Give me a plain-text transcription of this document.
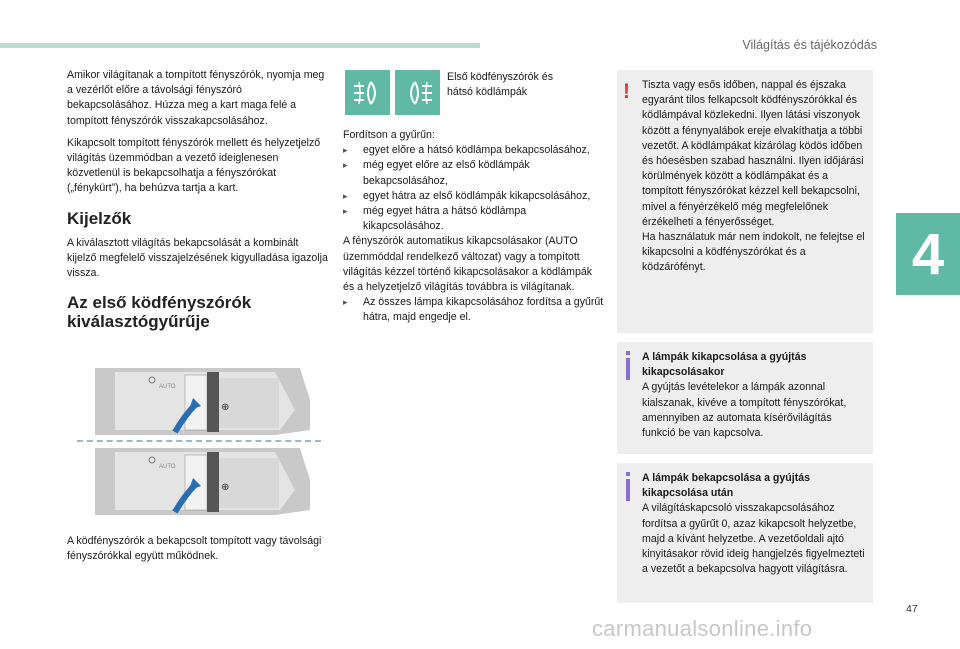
Világítás és tájékozódás
4

Amikor világítanak a tompított fényszórók, nyomja meg a vezérlőt előre a távolsági fényszóró bekapcsolásához. Húzza meg a kart maga felé a tompított fényszórók visszakapcsolásához.

Kikapcsolt tompított fényszórók mellett és helyzetjelző világítás üzemmódban a vezető ideiglenesen közvetlenül is bekapcsolhatja a fényszórókat („fénykürt”), ha behúzva tartja a kart.

Kijelzők

A kiválasztott világítás bekapcsolását a kombinált kijelző megfelelő visszajelzésének kigyulladása igazolja vissza.

Az első ködfényszórók kiválasztógyűrűje
AUTO
⊕
AUTO
⊕
A ködfényszórók a bekapcsolt tompított vagy távolsági fényszórókkal együtt működnek.
Első ködfényszórók és hátsó ködlámpák
Fordítson a gyűrűn:
▸ egyet előre a hátsó ködlámpa bekapcsolásához,
▸ még egyet előre az első ködlámpák bekapcsolásához,
▸ egyet hátra az első ködlámpák kikapcsolásához,
▸ még egyet hátra a hátsó ködlámpa kikapcsolásához.
A fényszórók automatikus kikapcsolásakor (AUTO üzemmóddal rendelkező változat) vagy a tompított világítás kézzel történő kikapcsolásakor a ködlámpák és a helyzetjelző világítás továbbra is világítanak.
▸ Az összes lámpa kikapcsolásához fordítsa a gyűrűt hátra, majd engedje el.
! Tiszta vagy esős időben, nappal és éjszaka egyaránt tilos felkapcsolt ködfényszórókkal és ködlámpával közlekedni. Ilyen látási viszonyok között a fénynyalábok ereje elvakíthatja a többi vezetőt. A ködlámpákat kizárólag ködös időben és hóesésben szabad használni. Ilyen időjárási körülmények között a ködlámpákat és a tompított fényszórókat kézzel kell bekapcsolni, mivel a fényérzékelő még megfelelőnek érzékelheti a fényerősséget.
Ha használatuk már nem indokolt, ne felejtse el kikapcsolni a ködfényszórókat és a ködzárófényt.
A lámpák kikapcsolása a gyújtás kikapcsolásakor
A gyújtás levételekor a lámpák azonnal kialszanak, kivéve a tompított fényszórókat, amennyiben az automata kísérővilágítás funkció be van kapcsolva.
A lámpák bekapcsolása a gyújtás kikapcsolása után
A világításkapcsoló visszakapcsolásához fordítsa a gyűrűt 0, azaz kikapcsolt helyzetbe, majd a kívánt helyzetbe. A vezetőoldali ajtó kinyitásakor rövid ideig hangjelzés figyelmezteti a vezetőt a bekapcsolva hagyott világításra.
47
carmanualsonline.info
